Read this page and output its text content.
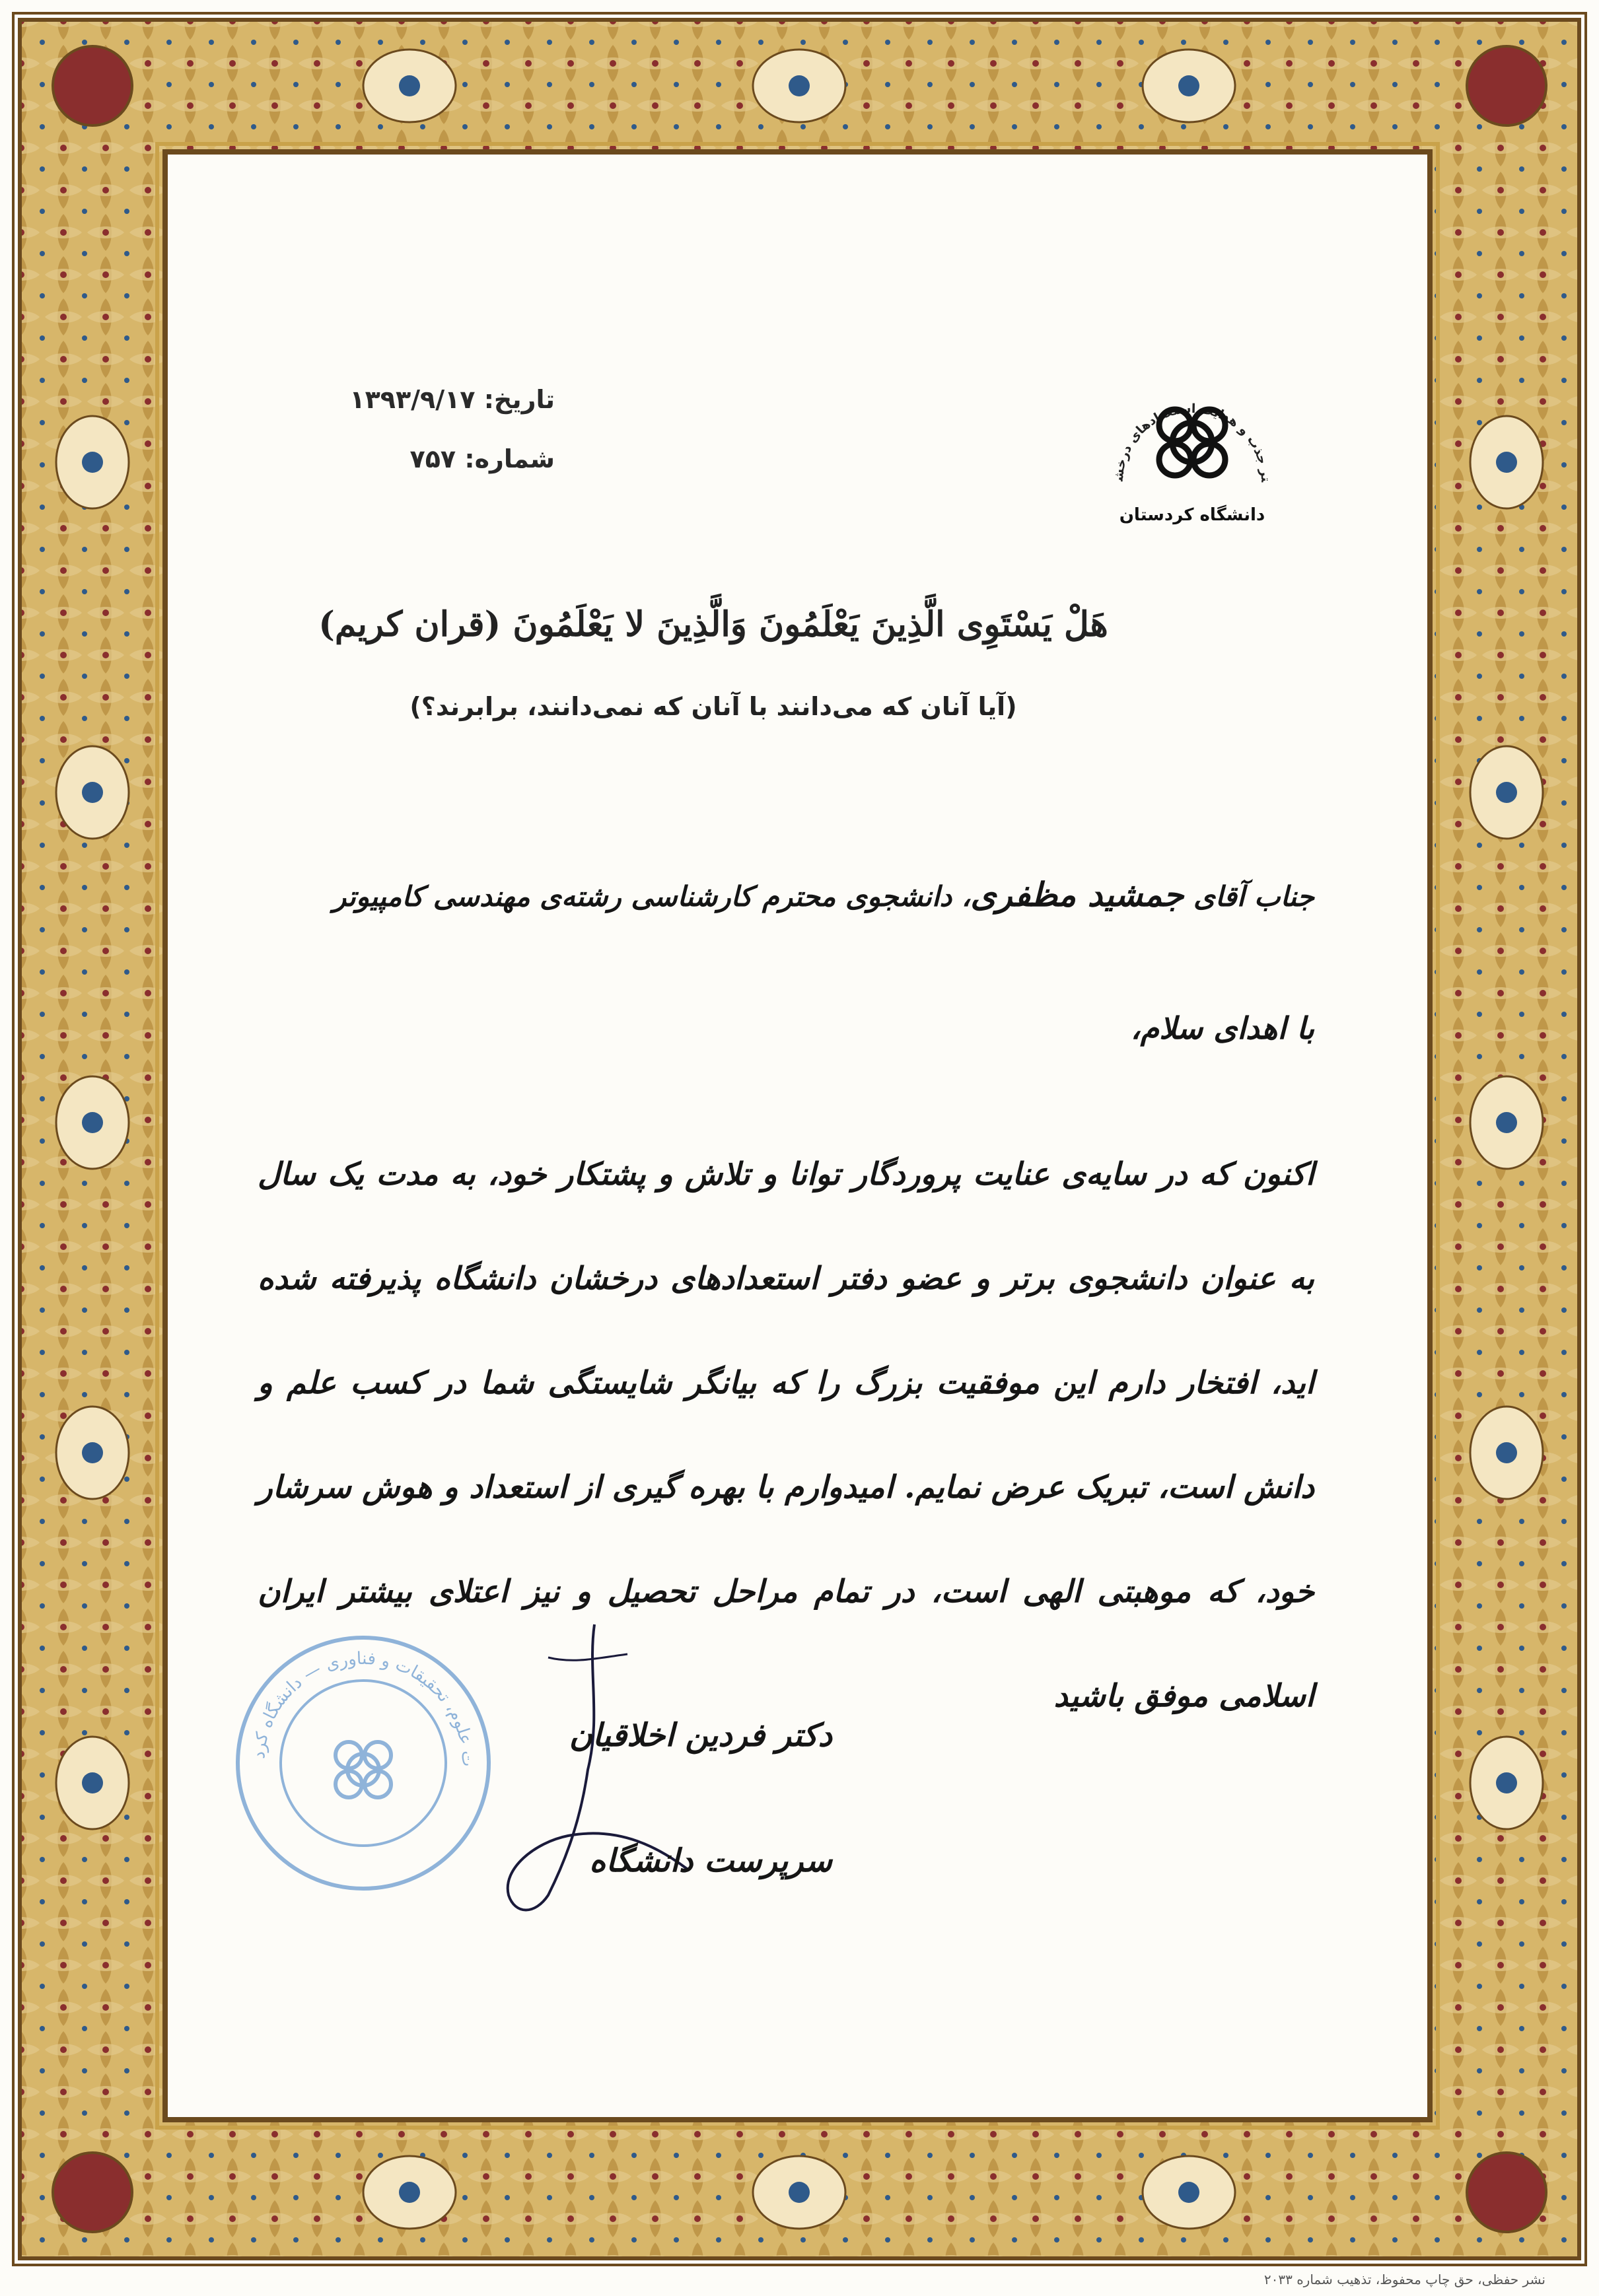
تر جذب و هدایت استعدادهای درخش
دانشگاه کردستان
تاریخ: ۱۳۹۳/۹/۱۷
شماره: ۷۵۷
هَلْ یَسْتَوِی الَّذِینَ یَعْلَمُونَ وَالَّذِینَ لا یَعْلَمُونَ (قران کریم)
(آیا آنان که می‌دانند با آنان که نمی‌دانند، برابرند؟)
جناب آقای جمشید مظفری، دانشجوی محترم کارشناسی رشته‌ی مهندسی کامپیوتر
با اهدای سلام،
اکنون که در سایه‌ی عنایت پروردگار توانا و تلاش و پشتکار خود، به مدت یک سال به عنوان دانشجوی برتر و عضو دفتر استعدادهای درخشان دانشگاه پذیرفته شده اید، افتخار دارم این موفقیت بزرگ را که بیانگر شایستگی شما در کسب علم و دانش است، تبریک عرض نمایم. امیدوارم با بهره گیری از استعداد و هوش سرشار خود، که موهبتی الهی است، در تمام مراحل تحصیل و نیز اعتلای بیشتر ایران اسلامی موفق باشید
ت علوم، تحقیقات و فناوری — دانشگاه کرد
دکتر فردین اخلاقیان
سرپرست دانشگاه
نشر حفظی، حق چاپ محفوظ، تذهیب شماره ۲۰۳۳
